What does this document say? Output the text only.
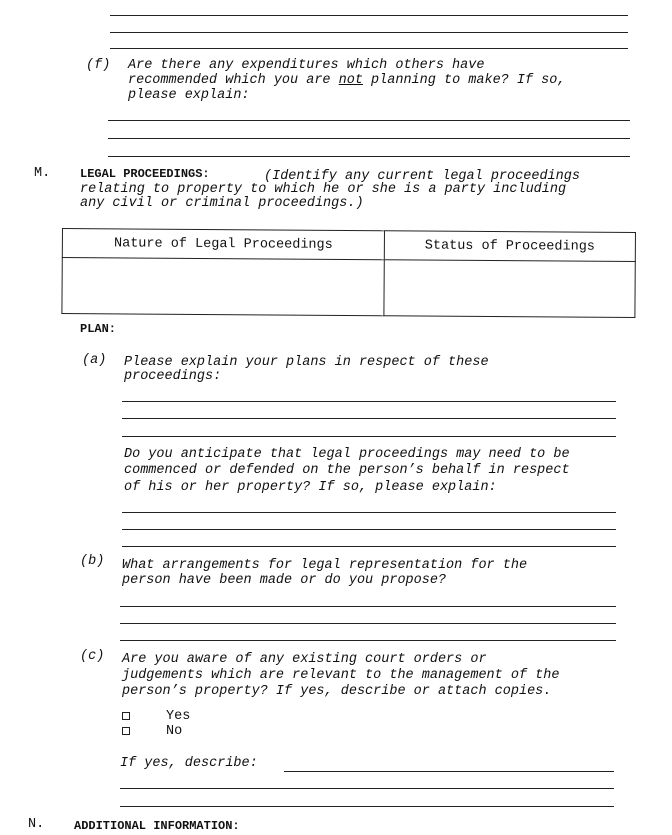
(f) Are there any expenditures which others have
recommended which you are not planning to make? If so,
please explain:
M. LEGAL PROCEEDINGS:	(Identify any current legal proceedings
relating to property to which he or she is a party including
any civil or criminal proceedings.)
Nature of Legal Proceedings	Status of Proceedings

PLAN:
(a) Please explain your plans in respect of these
proceedings:
Do you anticipate that legal proceedings may need to be
commenced or defended on the person’s behalf in respect
of his or her property? If so, please explain:
(b) What arrangements for legal representation for the
person have been made or do you propose?
(c) Are you aware of any existing court orders or
judgements which are relevant to the management of the
person’s property? If yes, describe or attach copies.
Yes
No
If yes, describe:
N. ADDITIONAL INFORMATION:
